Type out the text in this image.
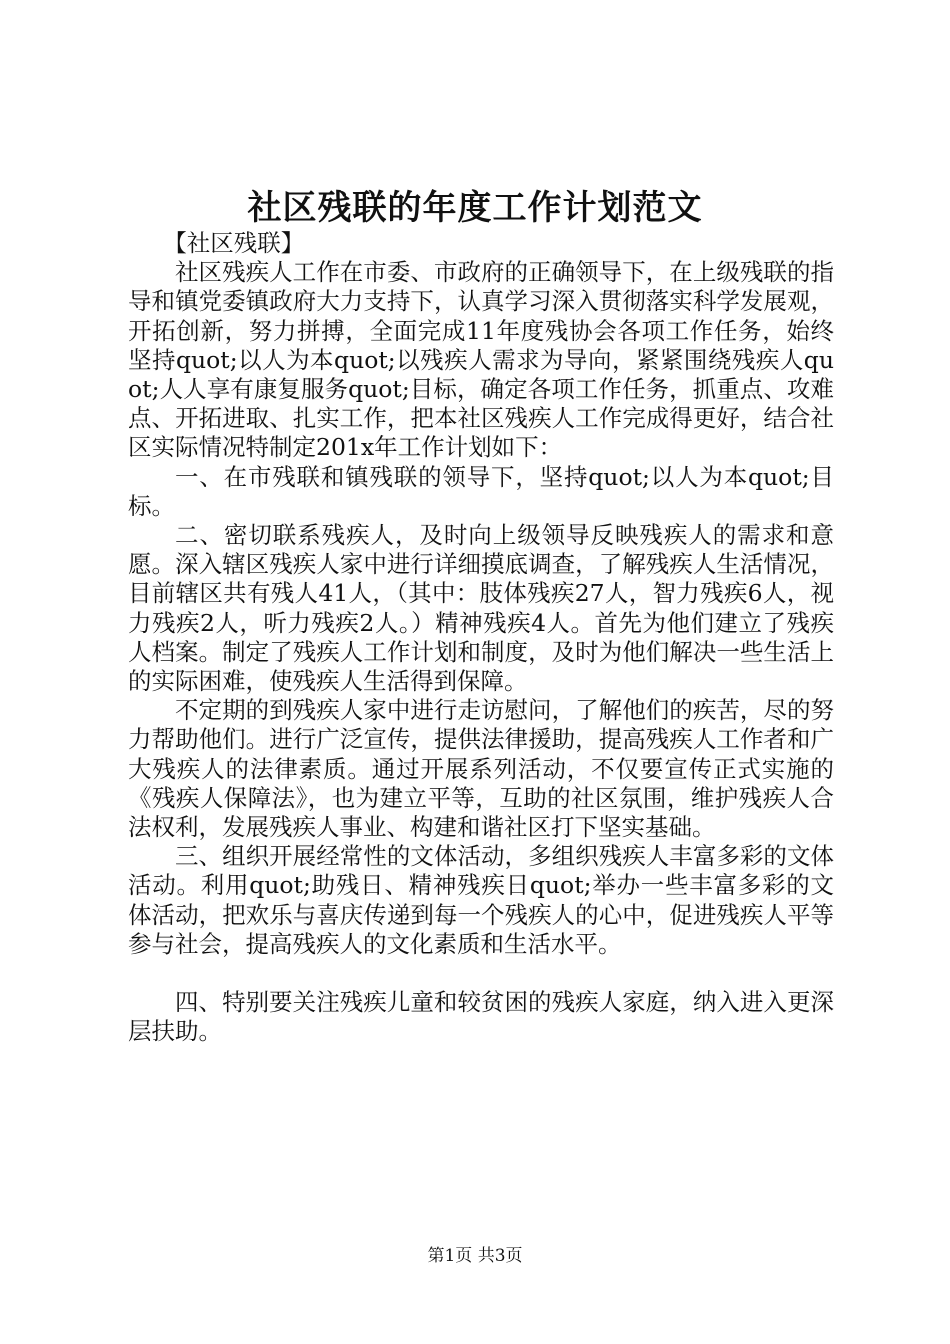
社区残联的年度工作计划范文

【社区残联】

社区残疾人工作在市委、市政府的正确领导下，在上级残联的指导和镇党委镇政府大力支持下，认真学习深入贯彻落实科学发展观，开拓创新，努力拼搏，全面完成11年度残协会各项工作任务，始终坚持quot;以人为本quot;以残疾人需求为导向，紧紧围绕残疾人quot;人人享有康复服务quot;目标，确定各项工作任务，抓重点、攻难点、开拓进取、扎实工作，把本社区残疾人工作完成得更好，结合社区实际情况特制定201x年工作计划如下：

一、在市残联和镇残联的领导下，坚持quot;以人为本quot;目标。

二、密切联系残疾人，及时向上级领导反映残疾人的需求和意愿。深入辖区残疾人家中进行详细摸底调查，了解残疾人生活情况，目前辖区共有残人41人，（其中：肢体残疾27人，智力残疾6人，视力残疾2人，听力残疾2人。）精神残疾4人。首先为他们建立了残疾人档案。制定了残疾人工作计划和制度，及时为他们解决一些生活上的实际困难，使残疾人生活得到保障。

不定期的到残疾人家中进行走访慰问，了解他们的疾苦，尽的努力帮助他们。进行广泛宣传，提供法律援助，提高残疾人工作者和广大残疾人的法律素质。通过开展系列活动，不仅要宣传正式实施的《残疾人保障法》，也为建立平等，互助的社区氛围，维护残疾人合法权利，发展残疾人事业、构建和谐社区打下坚实基础。

三、组织开展经常性的文体活动，多组织残疾人丰富多彩的文体活动。利用quot;助残日、精神残疾日quot;举办一些丰富多彩的文体活动，把欢乐与喜庆传递到每一个残疾人的心中，促进残疾人平等参与社会，提高残疾人的文化素质和生活水平。

四、特别要关注残疾儿童和较贫困的残疾人家庭，纳入进入更深层扶助。

第1页 共3页
